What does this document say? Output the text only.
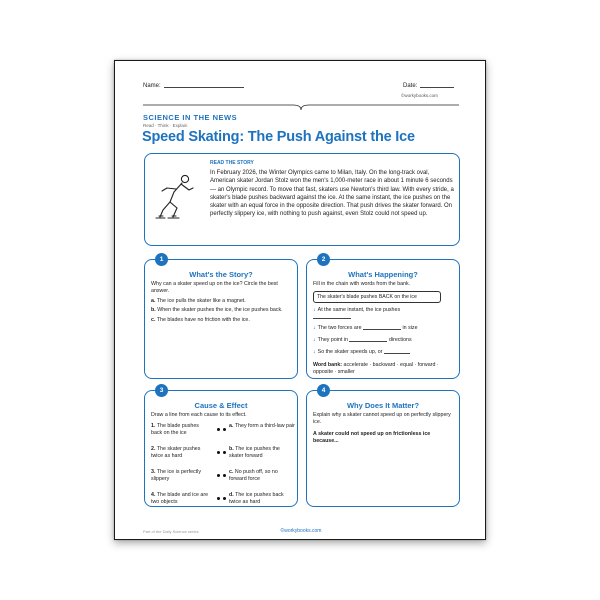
Name:	Date:
©workybooks.com
SCIENCE IN THE NEWS
Read · Think · Explain
Speed Skating: The Push Against the Ice
READ THE STORY
In February 2026, the Winter Olympics came to Milan, Italy. On the long-track oval, American skater Jordan Stolz won the men's 1,000-meter race in about 1 minute 6 seconds — an Olympic record. To move that fast, skaters use Newton's third law. With every stride, a skater's blade pushes backward against the ice. At the same instant, the ice pushes on the skater with an equal force in the opposite direction. That push drives the skater forward. On perfectly slippery ice, with nothing to push against, even Stolz could not speed up.
1
What's the Story?
Why can a skater speed up on the ice? Circle the best answer.
a. The ice pulls the skater like a magnet.
b. When the skater pushes the ice, the ice pushes back.
c. The blades have no friction with the ice.
2
What's Happening?
Fill in the chain with words from the bank.
The skater's blade pushes BACK on the ice
↓ At the same instant, the ice pushes

↓ The two forces are	in size
↓ They point in	directions
↓ So the skater speeds up, or
Word bank: accelerate · backward · equal · forward · opposite · smaller
3
Cause & Effect
Draw a line from each cause to its effect.
1. The blade pushes back on the ice
a. They form a third-law pair
2. The skater pushes twice as hard
b. The ice pushes the skater forward
3. The ice is perfectly slippery
c. No push off, so no forward force
4. The blade and ice are two objects
d. The ice pushes back twice as hard
4
Why Does It Matter?
Explain why a skater cannot speed up on perfectly slippery ice.
A skater could not speed up on frictionless ice because...
Part of the Daily Science series	©workybooks.com
